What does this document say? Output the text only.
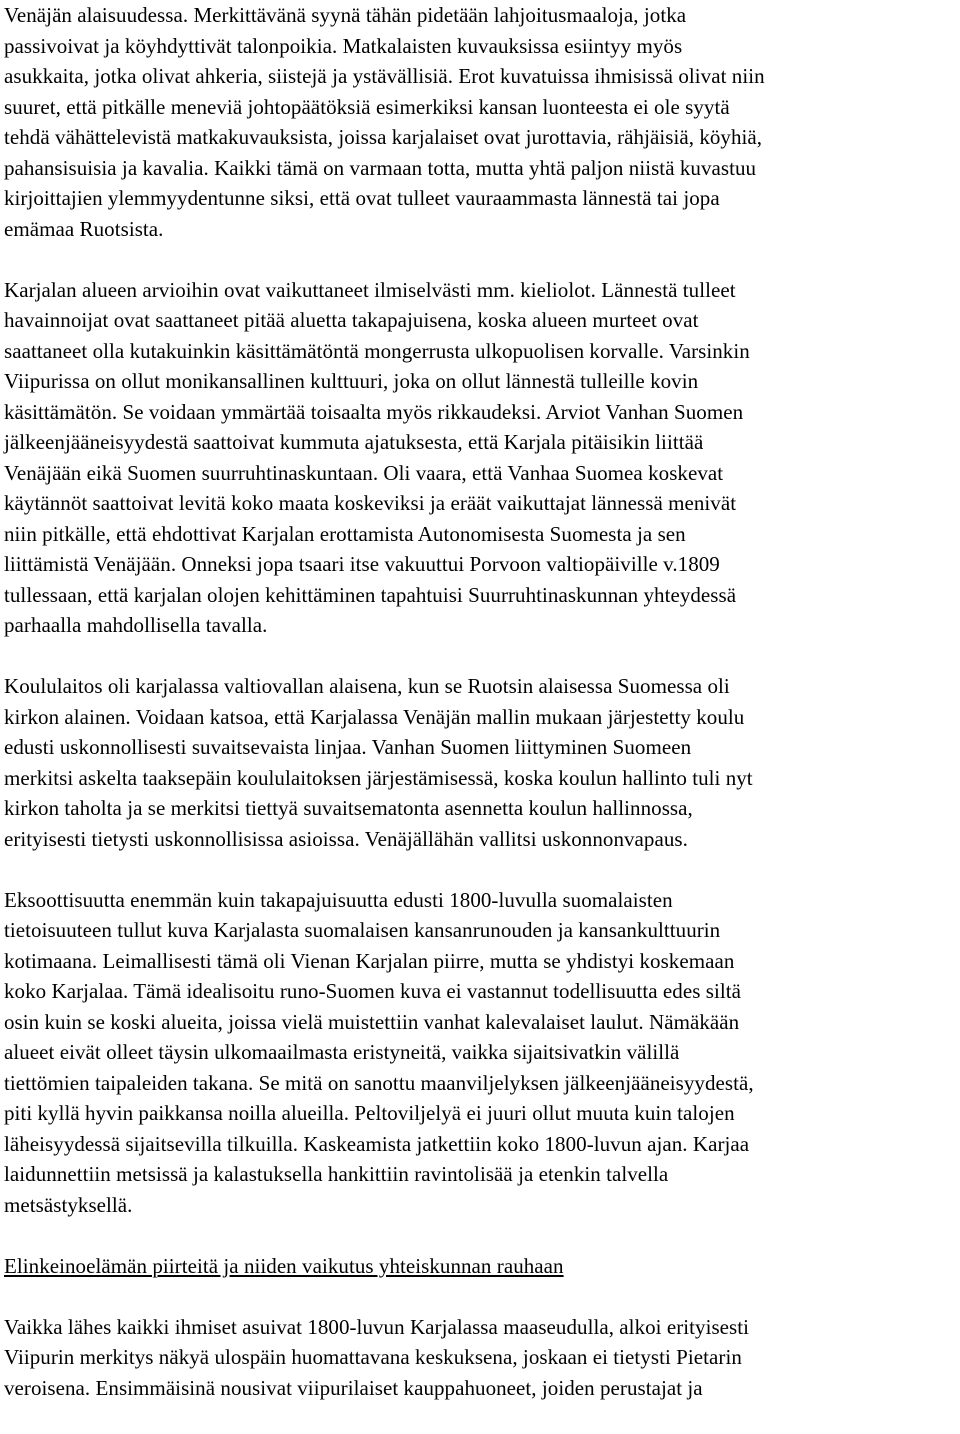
Venäjän alaisuudessa. Merkittävänä syynä tähän pidetään lahjoitusmaaloja, jotka
passivoivat ja köyhdyttivät talonpoikia. Matkalaisten kuvauksissa esiintyy myös
asukkaita, jotka olivat ahkeria, siistejä ja ystävällisiä. Erot kuvatuissa ihmisissä olivat niin
suuret, että pitkälle meneviä johtopäätöksiä esimerkiksi kansan luonteesta ei ole syytä
tehdä vähättelevistä matkakuvauksista, joissa karjalaiset ovat jurottavia, rähjäisiä, köyhiä,
pahansisuisia ja kavalia. Kaikki tämä on varmaan totta, mutta yhtä paljon niistä kuvastuu
kirjoittajien ylemmyydentunne siksi, että ovat tulleet vauraammasta lännestä tai jopa
emämaa Ruotsista.
Karjalan alueen arvioihin ovat vaikuttaneet ilmiselvästi mm. kieliolot. Lännestä tulleet
havainnoijat ovat saattaneet pitää aluetta takapajuisena, koska alueen murteet ovat
saattaneet olla kutakuinkin käsittämätöntä mongerrusta ulkopuolisen korvalle. Varsinkin
Viipurissa on ollut monikansallinen kulttuuri, joka on ollut lännestä tulleille kovin
käsittämätön. Se voidaan ymmärtää toisaalta myös rikkaudeksi. Arviot Vanhan Suomen
jälkeenjääneisyydestä saattoivat kummuta ajatuksesta, että Karjala pitäisikin liittää
Venäjään eikä Suomen suurruhtinaskuntaan. Oli vaara, että Vanhaa Suomea koskevat
käytännöt saattoivat levitä koko maata koskeviksi ja eräät vaikuttajat lännessä menivät
niin pitkälle, että ehdottivat Karjalan erottamista Autonomisesta Suomesta ja sen
liittämistä Venäjään. Onneksi jopa tsaari itse vakuuttui Porvoon valtiopäiville v.1809
tullessaan, että karjalan olojen kehittäminen tapahtuisi Suurruhtinaskunnan yhteydessä
parhaalla mahdollisella tavalla.
Koululaitos oli karjalassa valtiovallan alaisena, kun se Ruotsin alaisessa Suomessa oli
kirkon alainen. Voidaan katsoa, että Karjalassa Venäjän mallin mukaan järjestetty koulu
edusti uskonnollisesti suvaitsevaista linjaa. Vanhan Suomen liittyminen Suomeen
merkitsi askelta taaksepäin koululaitoksen järjestämisessä, koska koulun hallinto tuli nyt
kirkon taholta ja se merkitsi tiettyä suvaitsematonta asennetta koulun hallinnossa,
erityisesti tietysti uskonnollisissa asioissa. Venäjällähän vallitsi uskonnonvapaus.
Eksoottisuutta enemmän kuin takapajuisuutta edusti 1800-luvulla suomalaisten
tietoisuuteen tullut kuva Karjalasta suomalaisen kansanrunouden ja kansankulttuurin
kotimaana. Leimallisesti tämä oli Vienan Karjalan piirre, mutta se yhdistyi koskemaan
koko Karjalaa. Tämä idealisoitu runo-Suomen kuva ei vastannut todellisuutta edes siltä
osin kuin se koski alueita, joissa vielä muistettiin vanhat kalevalaiset laulut. Nämäkään
alueet eivät olleet täysin ulkomaailmasta eristyneitä, vaikka sijaitsivatkin välillä
tiettömien taipaleiden takana. Se mitä on sanottu maanviljelyksen jälkeenjääneisyydestä,
piti kyllä hyvin paikkansa noilla alueilla. Peltoviljelyä ei juuri ollut muuta kuin talojen
läheisyydessä sijaitsevilla tilkuilla. Kaskeamista jatkettiin koko 1800-luvun ajan. Karjaa
laidunnettiin metsissä ja kalastuksella hankittiin ravintolisää ja etenkin talvella
metsästyksellä.
Elinkeinoelämän piirteitä ja niiden vaikutus yhteiskunnan rauhaan
Vaikka lähes kaikki ihmiset asuivat 1800-luvun Karjalassa maaseudulla, alkoi erityisesti
Viipurin merkitys näkyä ulospäin huomattavana keskuksena, joskaan ei tietysti Pietarin
veroisena. Ensimmäisinä nousivat viipurilaiset kauppahuoneet, joiden perustajat ja
